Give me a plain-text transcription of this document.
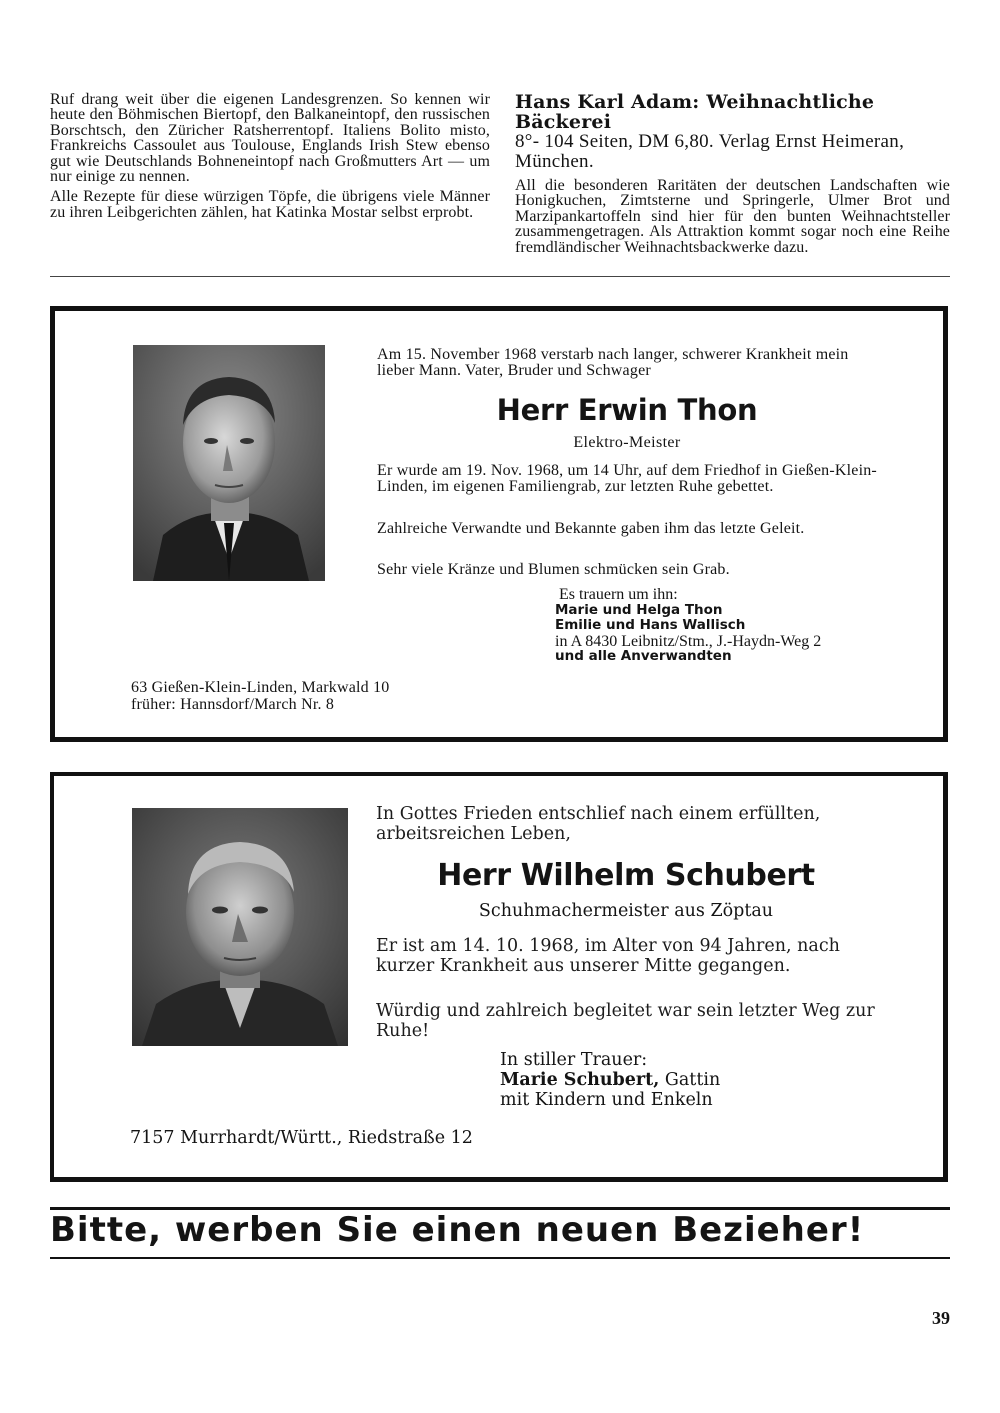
Ruf drang weit über die eigenen Landesgrenzen. So kennen wir heute den Böhmischen Biertopf, den Balkaneintopf, den russischen Borschtsch, den Züricher Ratsherrentopf. Italiens Bolito misto, Frankreichs Cassoulet aus Toulouse, Englands Irish Stew ebenso gut wie Deutschlands Bohneneintopf nach Großmutters Art — um nur einige zu nennen.

Alle Rezepte für diese würzigen Töpfe, die übrigens viele Männer zu ihren Leibgerichten zählen, hat Katinka Mostar selbst erprobt.

Hans Karl Adam: Weihnachtliche Bäckerei
8°- 104 Seiten, DM 6,80. Verlag Ernst Heimeran, München.

All die besonderen Raritäten der deutschen Landschaften wie Honigkuchen, Zimtsterne und Springerle, Ulmer Brot und Marzipankartoffeln sind hier für den bunten Weihnachtsteller zusammengetragen. Als Attraktion kommt sogar noch eine Reihe fremdländischer Weihnachtsbackwerke dazu.

Am 15. November 1968 verstarb nach langer, schwerer Krankheit mein lieber Mann. Vater, Bruder und Schwager
Herr Erwin Thon
Elektro-Meister
Er wurde am 19. Nov. 1968, um 14 Uhr, auf dem Friedhof in Gießen-Klein-Linden, im eigenen Familiengrab, zur letzten Ruhe gebettet.
Zahlreiche Verwandte und Bekannte gaben ihm das letzte Geleit.
Sehr viele Kränze und Blumen schmücken sein Grab.
Es trauern um ihn:
Marie und Helga Thon
Emilie und Hans Wallisch
in A 8430 Leibnitz/Stm., J.-Haydn-Weg 2
und alle Anverwandten
63 Gießen-Klein-Linden, Markwald 10
früher: Hannsdorf/March Nr. 8
In Gottes Frieden entschlief nach einem erfüllten, arbeitsreichen Leben,
Herr Wilhelm Schubert
Schuhmachermeister aus Zöptau
Er ist am 14. 10. 1968, im Alter von 94 Jahren, nach kurzer Krankheit aus unserer Mitte gegangen.
Würdig und zahlreich begleitet war sein letzter Weg zur Ruhe!
In stiller Trauer:
Marie Schubert, Gattin
mit Kindern und Enkeln
7157 Murrhardt/Württ., Riedstraße 12
Bitte, werben Sie einen neuen Bezieher!
39
